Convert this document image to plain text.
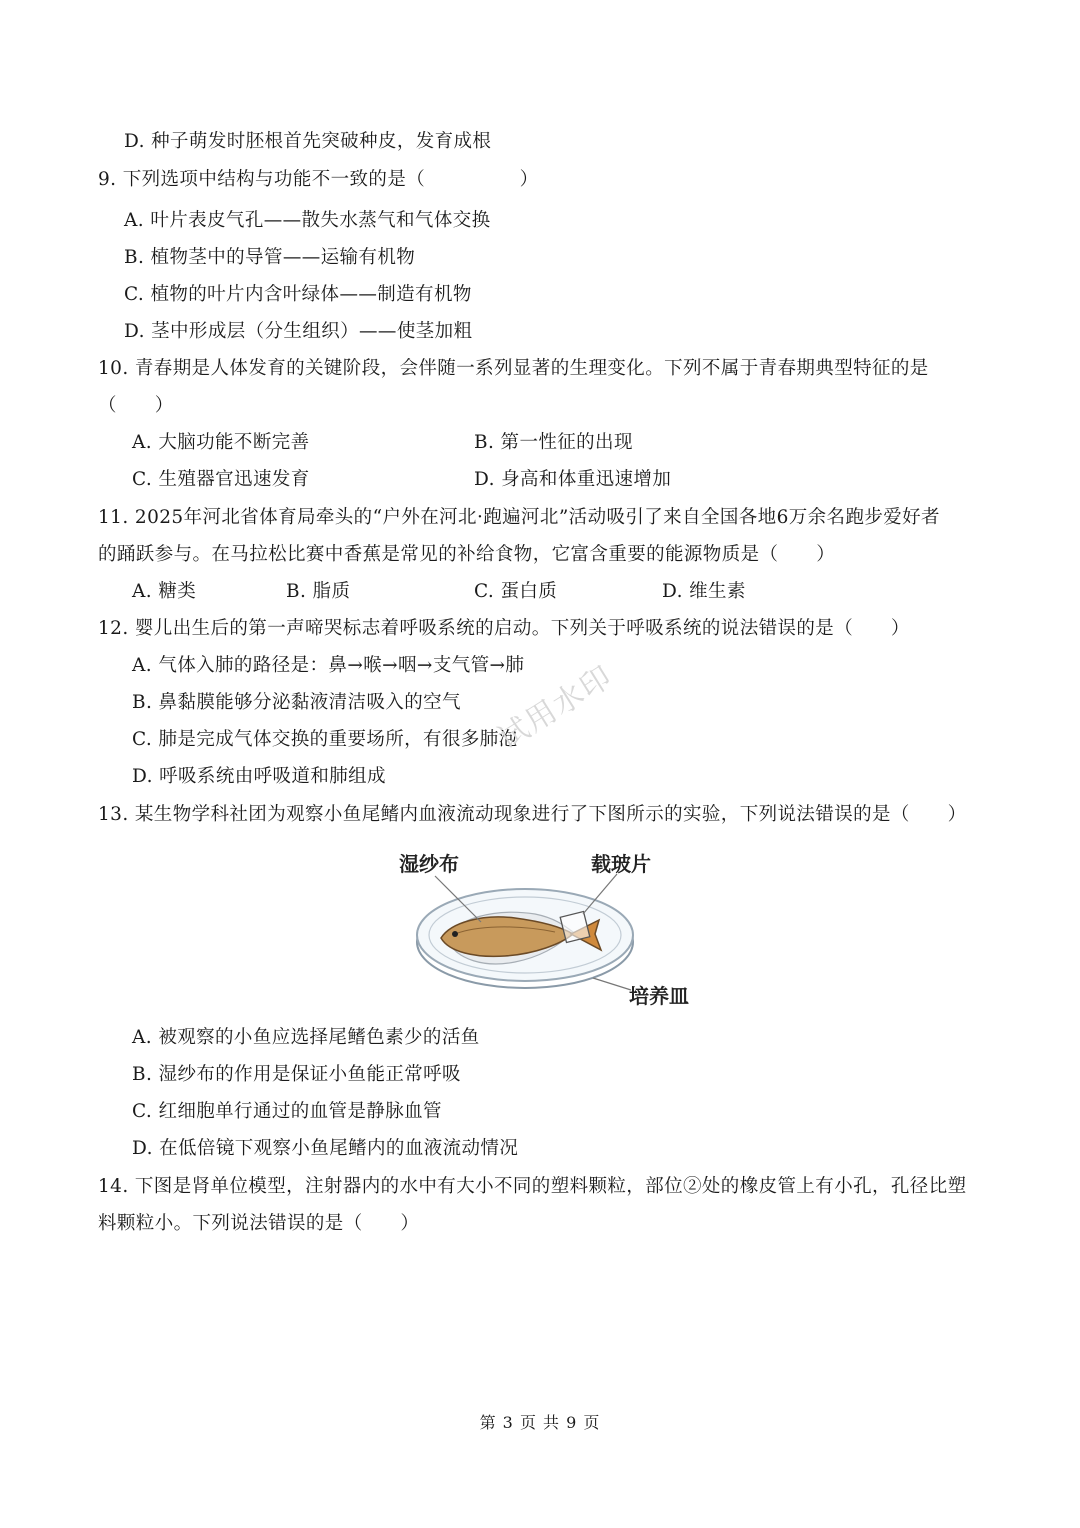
D. 种子萌发时胚根首先突破种皮，发育成根
9. 下列选项中结构与功能不一致的是（　　　　　）
A. 叶片表皮气孔——散失水蒸气和气体交换
B. 植物茎中的导管——运输有机物
C. 植物的叶片内含叶绿体——制造有机物
D. 茎中形成层（分生组织）——使茎加粗
10. 青春期是人体发育的关键阶段，会伴随一系列显著的生理变化。下列不属于青春期典型特征的是
（　　）
A. 大脑功能不断完善	B. 第一性征的出现
C. 生殖器官迅速发育	D. 身高和体重迅速增加
11. 2025年河北省体育局牵头的“户外在河北·跑遍河北”活动吸引了来自全国各地6万余名跑步爱好者
的踊跃参与。在马拉松比赛中香蕉是常见的补给食物，它富含重要的能源物质是（　　）
A. 糖类	B. 脂质	C. 蛋白质	D. 维生素
12. 婴儿出生后的第一声啼哭标志着呼吸系统的启动。下列关于呼吸系统的说法错误的是（　　）
A. 气体入肺的路径是：鼻→喉→咽→支气管→肺
B. 鼻黏膜能够分泌黏液清洁吸入的空气
C. 肺是完成气体交换的重要场所，有很多肺泡
D. 呼吸系统由呼吸道和肺组成
试用水印
13. 某生物学科社团为观察小鱼尾鳍内血液流动现象进行了下图所示的实验，下列说法错误的是（　　）
湿纱布	载玻片
培养皿
A. 被观察的小鱼应选择尾鳍色素少的活鱼
B. 湿纱布的作用是保证小鱼能正常呼吸
C. 红细胞单行通过的血管是静脉血管
D. 在低倍镜下观察小鱼尾鳍内的血液流动情况
14. 下图是肾单位模型，注射器内的水中有大小不同的塑料颗粒，部位②处的橡皮管上有小孔，孔径比塑
料颗粒小。下列说法错误的是（　　）
第 3 页 共 9 页
